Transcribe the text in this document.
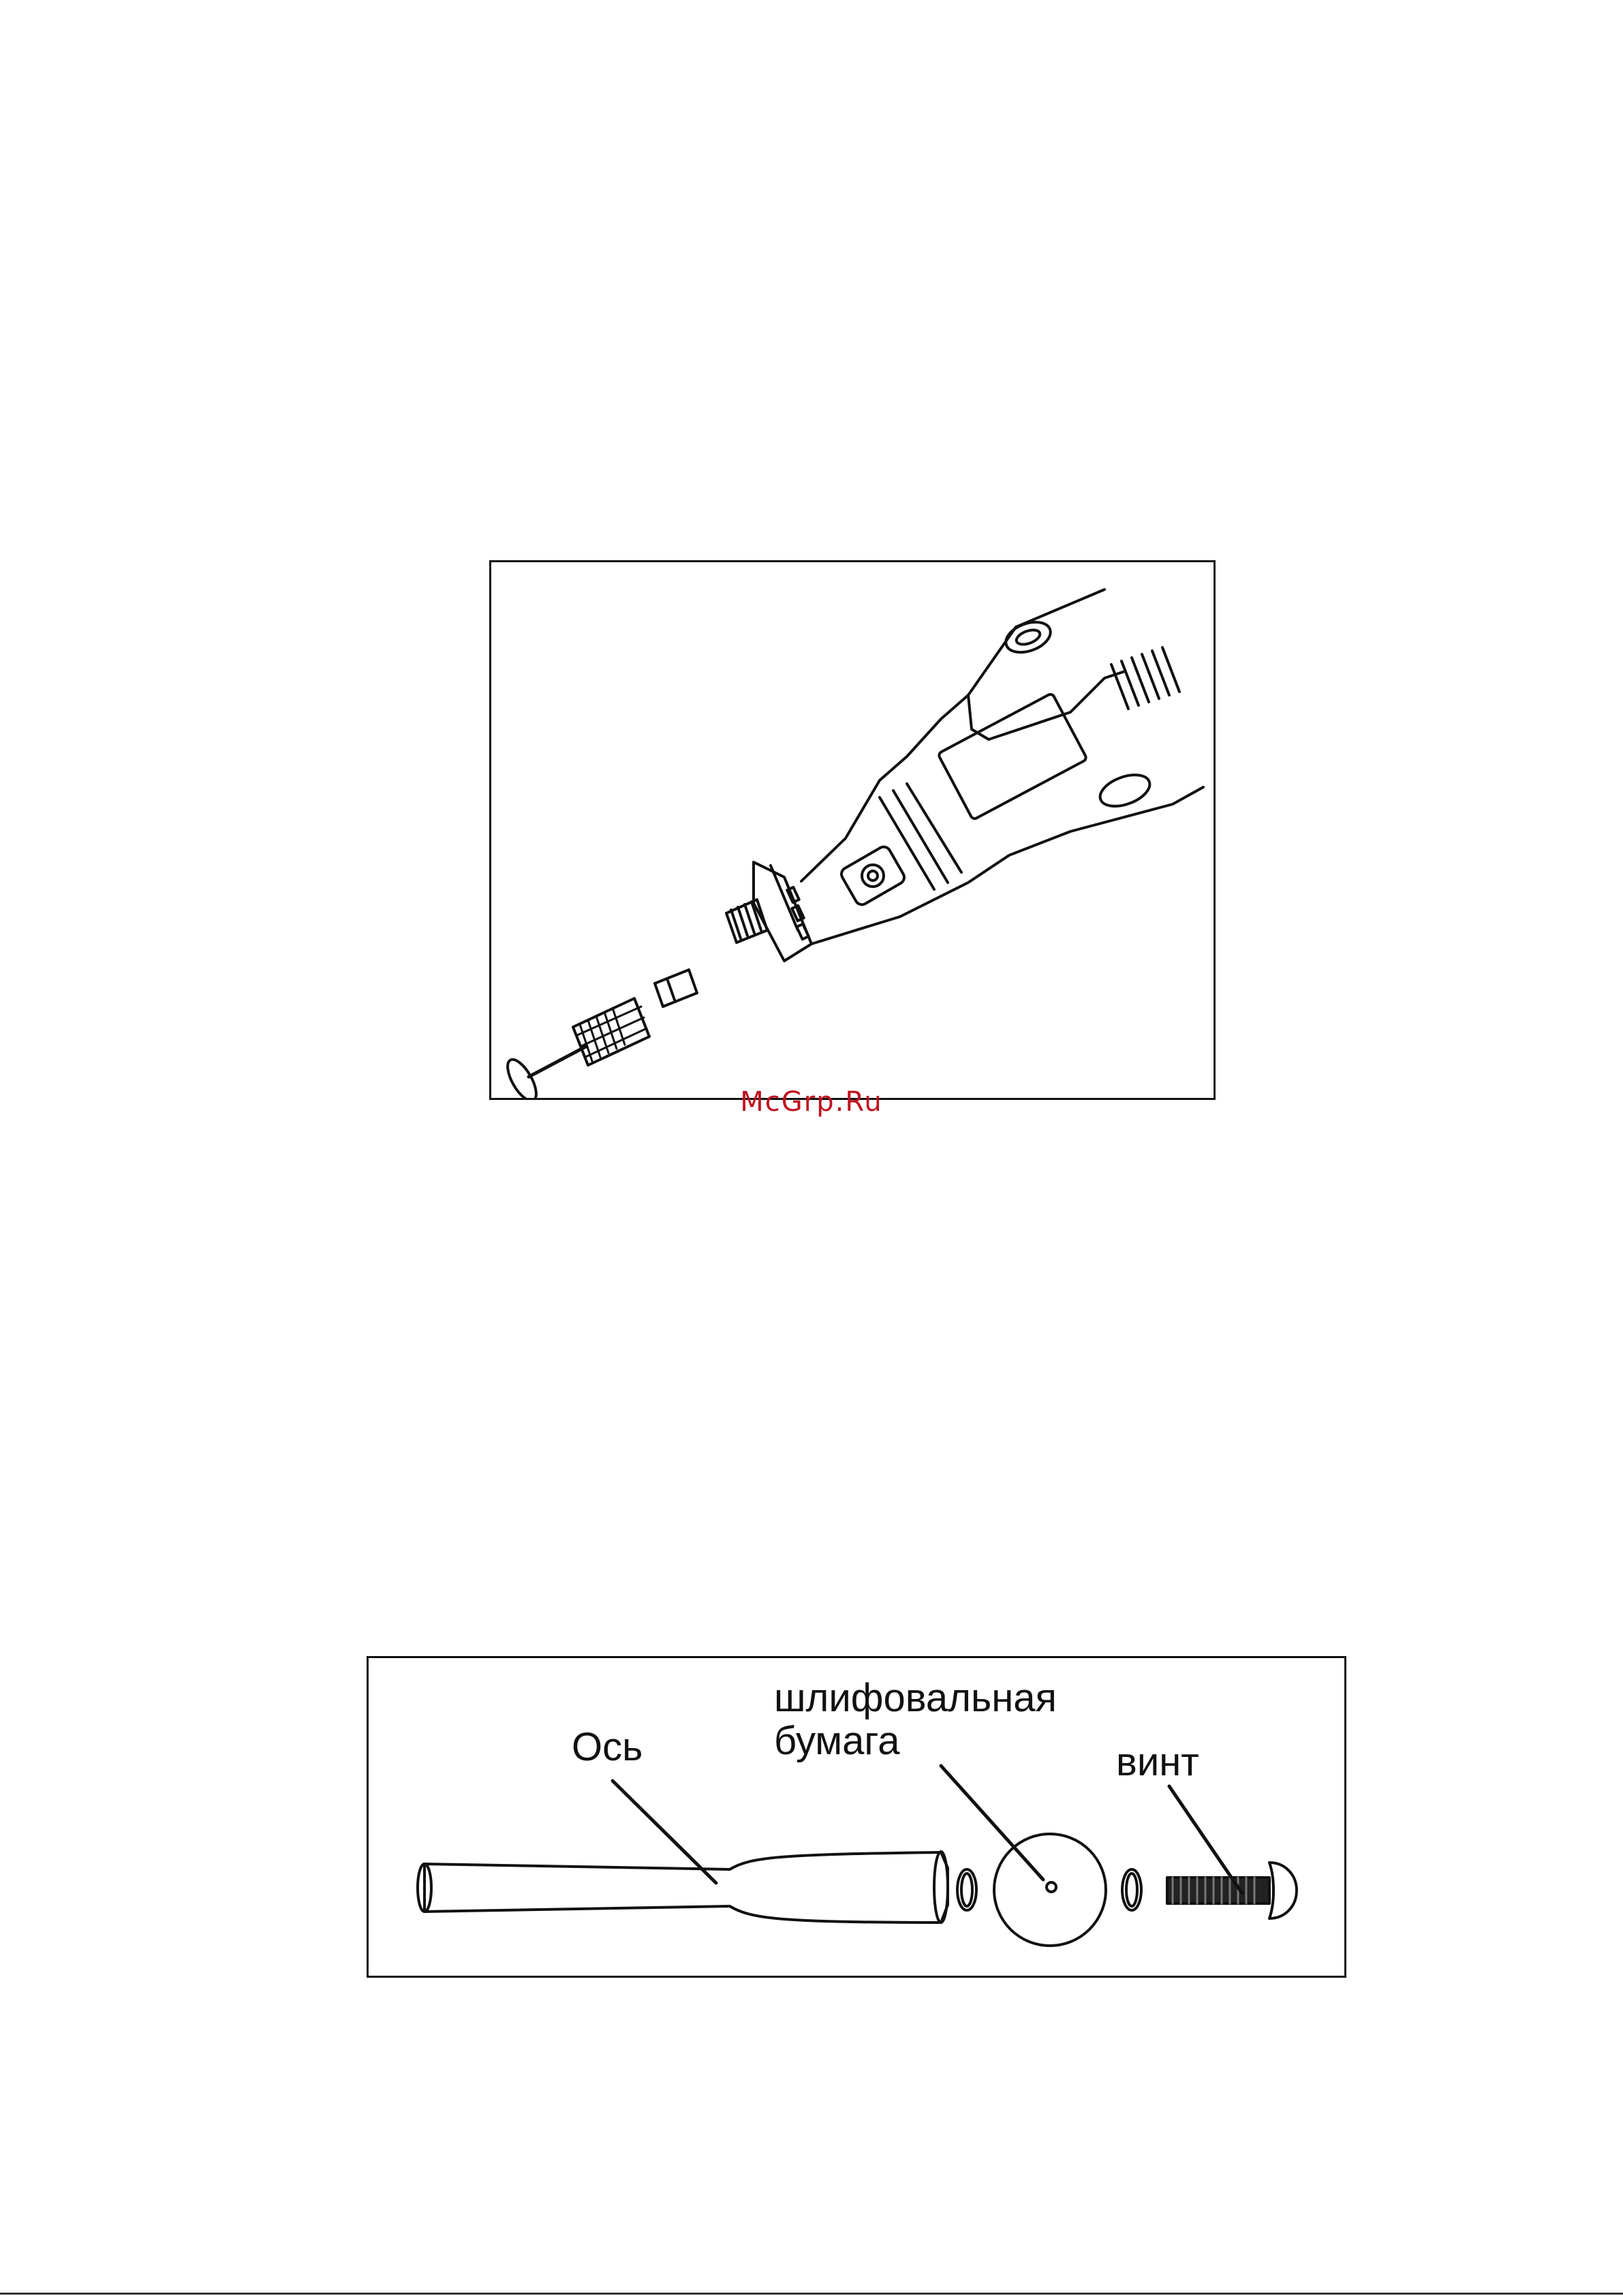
McGrp.Ru
Ось
шлифовальная
бумага	винт
